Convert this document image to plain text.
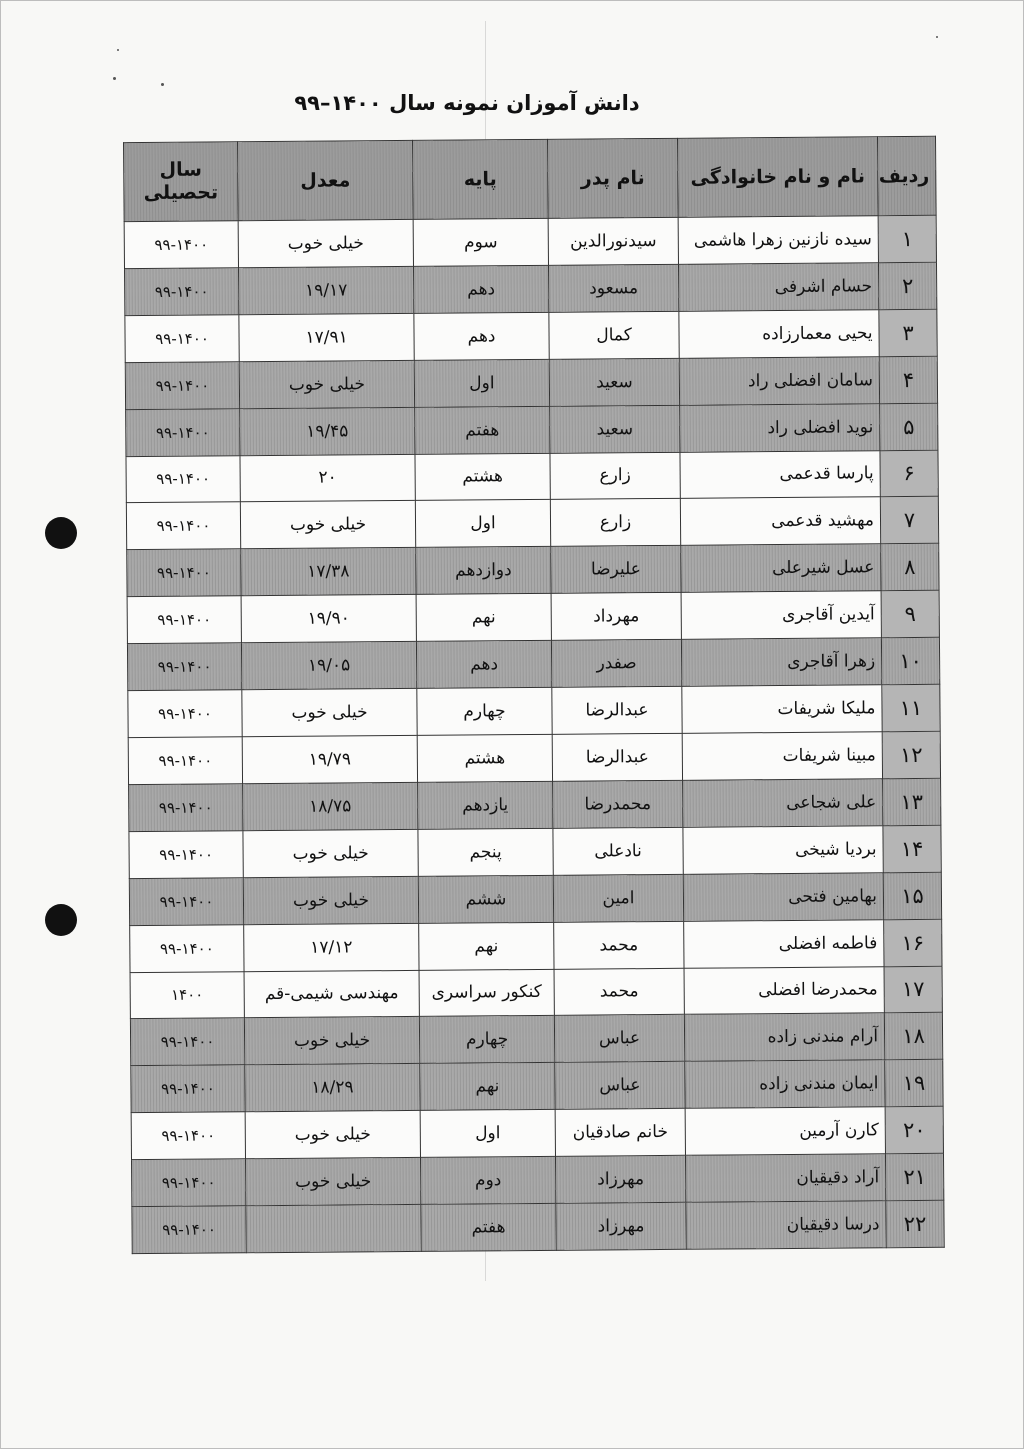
دانش آموزان نمونه سال ۱۴۰۰–۹۹
ردیف	نام و نام خانوادگی	نام پدر	پایه	معدل	سال تحصیلی
۱	سیده نازنین زهرا هاشمی	سیدنورالدین	سوم	خیلی خوب	۹۹-۱۴۰۰
۲	حسام اشرفی	مسعود	دهم	۱۹/۱۷	۹۹-۱۴۰۰
۳	یحیی معمارزاده	کمال	دهم	۱۷/۹۱	۹۹-۱۴۰۰
۴	سامان افضلی راد	سعید	اول	خیلی خوب	۹۹-۱۴۰۰
۵	نوید افضلی راد	سعید	هفتم	۱۹/۴۵	۹۹-۱۴۰۰
۶	پارسا قدعمی	زارع	هشتم	۲۰	۹۹-۱۴۰۰
۷	مهشید قدعمی	زارع	اول	خیلی خوب	۹۹-۱۴۰۰
۸	عسل شیرعلی	علیرضا	دوازدهم	۱۷/۳۸	۹۹-۱۴۰۰
۹	آیدین آقاجری	مهرداد	نهم	۱۹/۹۰	۹۹-۱۴۰۰
۱۰	زهرا آقاجری	صفدر	دهم	۱۹/۰۵	۹۹-۱۴۰۰
۱۱	ملیکا شریفات	عبدالرضا	چهارم	خیلی خوب	۹۹-۱۴۰۰
۱۲	مبینا شریفات	عبدالرضا	هشتم	۱۹/۷۹	۹۹-۱۴۰۰
۱۳	علی شجاعی	محمدرضا	یازدهم	۱۸/۷۵	۹۹-۱۴۰۰
۱۴	بردیا شیخی	نادعلی	پنجم	خیلی خوب	۹۹-۱۴۰۰
۱۵	بهامین فتحی	امین	ششم	خیلی خوب	۹۹-۱۴۰۰
۱۶	فاطمه افضلی	محمد	نهم	۱۷/۱۲	۹۹-۱۴۰۰
۱۷	محمدرضا افضلی	محمد	کنکور سراسری	مهندسی شیمی-قم	۱۴۰۰
۱۸	آرام مندنی زاده	عباس	چهارم	خیلی خوب	۹۹-۱۴۰۰
۱۹	ایمان مندنی زاده	عباس	نهم	۱۸/۲۹	۹۹-۱۴۰۰
۲۰	کارن آرمین	خانم صادقیان	اول	خیلی خوب	۹۹-۱۴۰۰
۲۱	آراد دقیقیان	مهرزاد	دوم	خیلی خوب	۹۹-۱۴۰۰
۲۲	درسا دقیقیان	مهرزاد	هفتم		۹۹-۱۴۰۰
